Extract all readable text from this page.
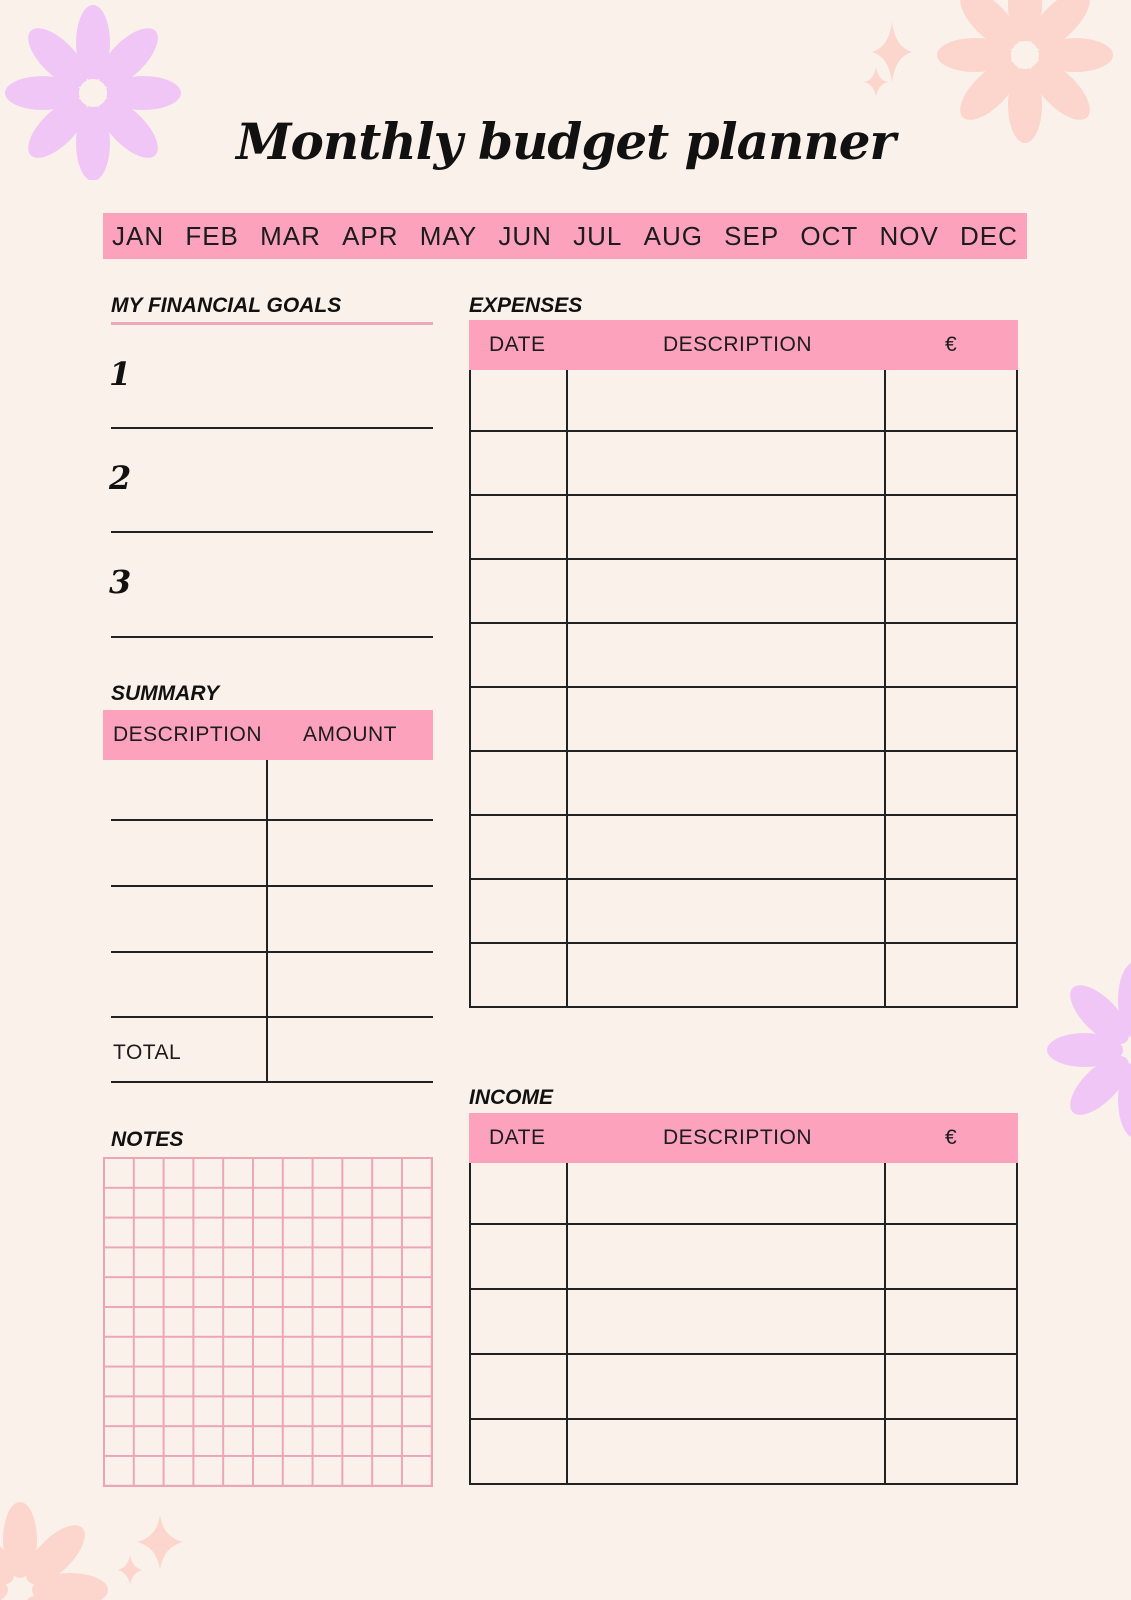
Monthly budget planner
JAN FEB MAR APR MAY JUN JUL AUG SEP OCT NOV DEC
MY FINANCIAL GOALS
1
2
3
SUMMARY
DESCRIPTION AMOUNT
TOTAL
NOTES
EXPENSES
DATE	DESCRIPTION	€
INCOME
DATE	DESCRIPTION	€
